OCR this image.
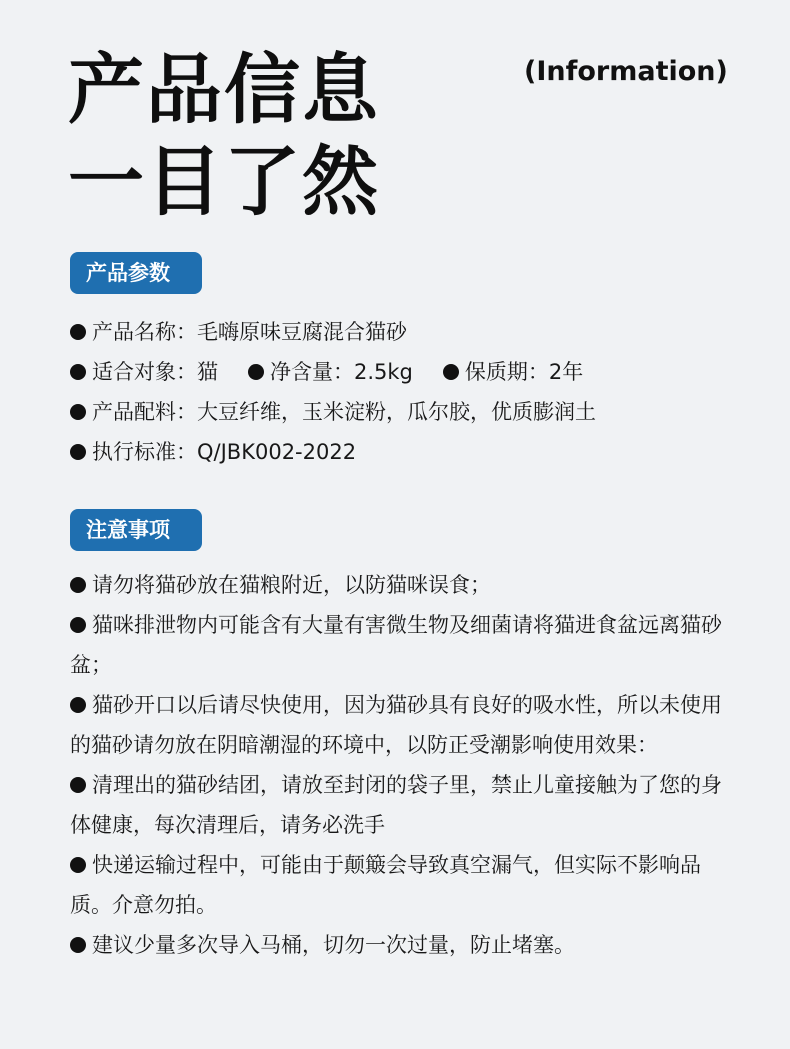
产品信息
一目了然
(Information)
产品参数
产品名称：毛嗨原味豆腐混合猫砂
适合对象：猫 净含量：2.5kg 保质期：2年
产品配料：大豆纤维，玉米淀粉，瓜尔胶，优质膨润土
执行标准：Q/JBK002-2022
注意事项
请勿将猫砂放在猫粮附近，以防猫咪误食；
猫咪排泄物内可能含有大量有害微生物及细菌请将猫进食盆远离猫砂盆；
猫砂开口以后请尽快使用，因为猫砂具有良好的吸水性，所以未使用的猫砂请勿放在阴暗潮湿的环境中，以防正受潮影响使用效果：
清理出的猫砂结团，请放至封闭的袋子里，禁止儿童接触为了您的身体健康，每次清理后，请务必洗手
快递运输过程中，可能由于颠簸会导致真空漏气，但实际不影响品质。介意勿拍。
建议少量多次导入马桶，切勿一次过量，防止堵塞。
